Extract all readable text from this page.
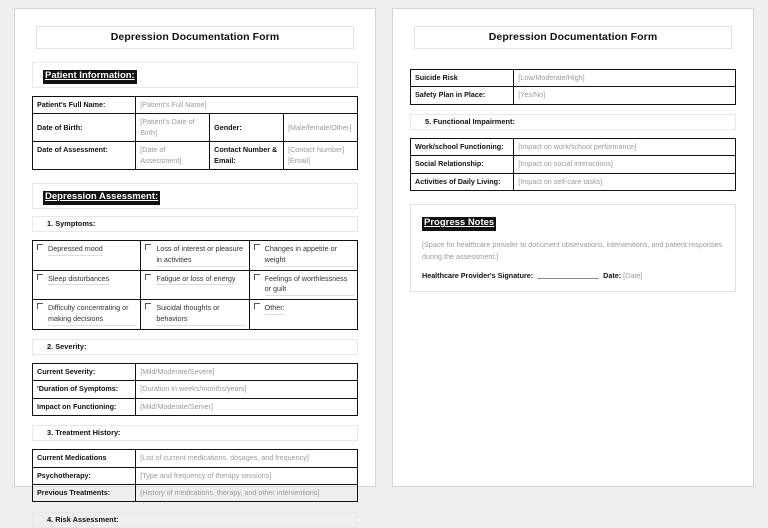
Depression Documentation Form
Patient Information:
Patient's Full Name:	[Patient's Full Name]		
Date of Birth:	[Patient's Date of Birth]	Gender:	[Male/female/Other]
Date of Assessment:	[Date of Assessment]	Contact Number & Email:	[Contact Number] [Email]
Depression Assessment:
1. Symptoms:
Depressed mood	Loss of interest or pleasure in activities	Changes in appetite or weight

Sleep disturbances	Fatigue or loss of energy	Feelings of worthlessness or guilt

Difficulty concentrating or making decisions	Suicidal thoughts or behaviors	Other:
2. Severity:
Current Severity:	[Mild/Moderate/Severe]
'Duration of Symptoms:	[Duration in weeks/months/years]
Impact on Functioning:	[Mild/Moderate/Server]
3. Treatment History:
Current Medications	[List of current medications, dosages, and frequency]
Psychotherapy:	[Type and frequency of therapy sessions]
Previous Treatments:	[History of medications, therapy, and other interventions]
4. Risk Assessment:
Depression Documentation Form
Suicide Risk	[Low/Moderate/High]
Safety Plan in Place:	[Yes/No]
5. Functional Impairment:
Work/school Functioning:	[Impact on work/school performance]
Social Relationship:	[Impact on social interactions]
Activities of Daily Living:	[Impact on self-care tasks]
Progress Notes
[Space for healthcare provider to document observations, interventions, and patient responses during the assessment.]
Healthcare Provider's Signature:	Date: [Date]
